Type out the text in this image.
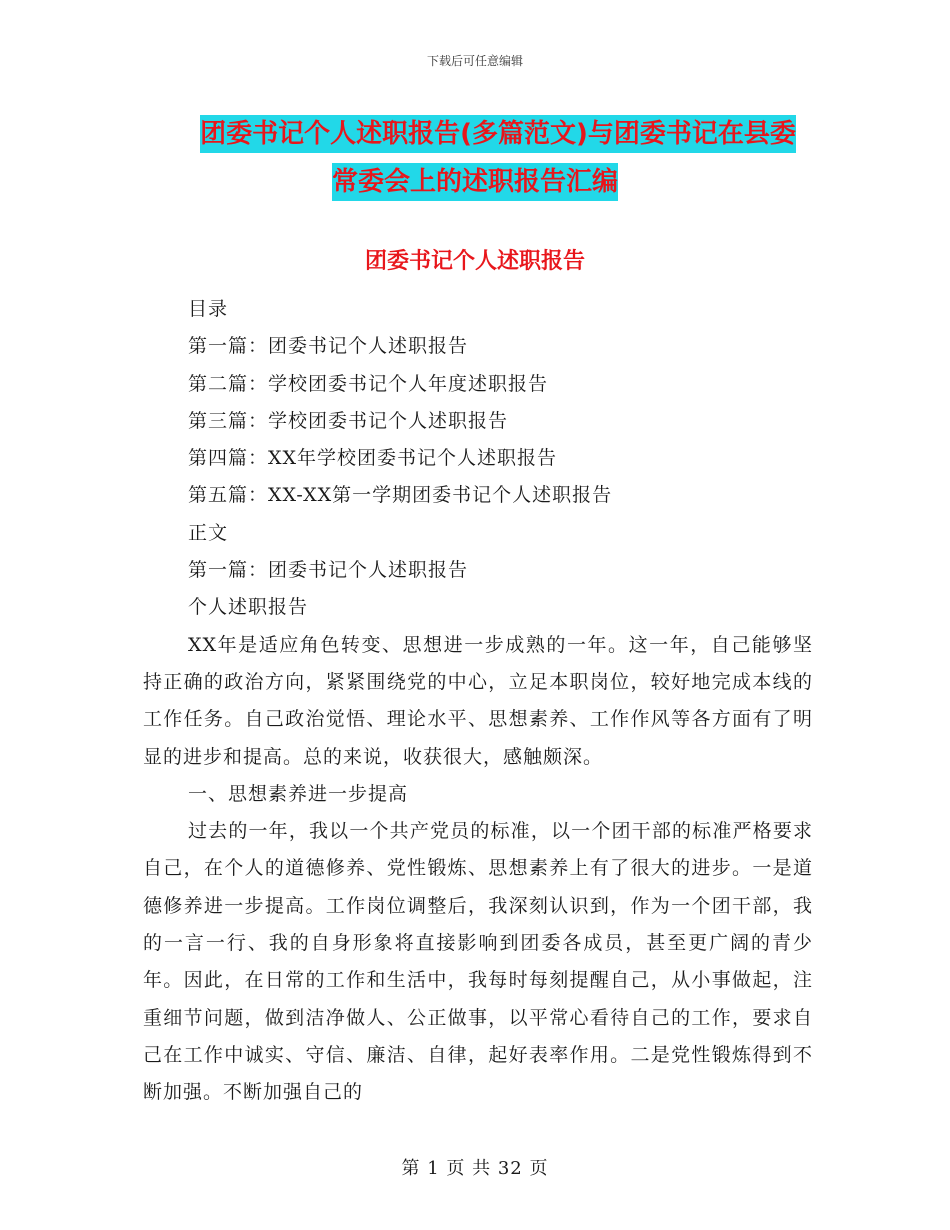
下载后可任意编辑
团委书记个人述职报告(多篇范文)与团委书记在县委
常委会上的述职报告汇编
团委书记个人述职报告

目录

第一篇：团委书记个人述职报告

第二篇：学校团委书记个人年度述职报告

第三篇：学校团委书记个人述职报告

第四篇：XX年学校团委书记个人述职报告

第五篇：XX-XX第一学期团委书记个人述职报告

正文

第一篇：团委书记个人述职报告

个人述职报告

XX年是适应角色转变、思想进一步成熟的一年。这一年，自己能够坚持正确的政治方向，紧紧围绕党的中心，立足本职岗位，较好地完成本线的工作任务。自己政治觉悟、理论水平、思想素养、工作作风等各方面有了明显的进步和提高。总的来说，收获很大，感触颇深。

一、思想素养进一步提高

过去的一年，我以一个共产党员的标准，以一个团干部的标准严格要求自己，在个人的道德修养、党性锻炼、思想素养上有了很大的进步。一是道德修养进一步提高。工作岗位调整后，我深刻认识到，作为一个团干部，我的一言一行、我的自身形象将直接影响到团委各成员，甚至更广阔的青少年。因此，在日常的工作和生活中，我每时每刻提醒自己，从小事做起，注重细节问题，做到洁净做人、公正做事，以平常心看待自己的工作，要求自己在工作中诚实、守信、廉洁、自律，起好表率作用。二是党性锻炼得到不断加强。不断加强自己的

第 1 页 共 32 页
